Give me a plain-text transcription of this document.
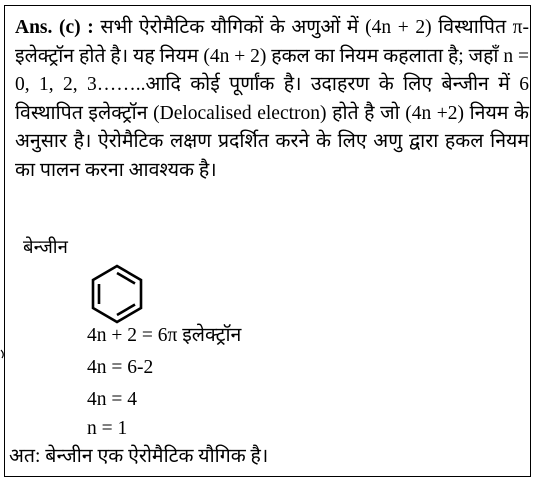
Ans. (c) : सभी ऐरोमैटिक यौगिकों के अणुओं में (4n + 2) विस्थापित π- इलेक्ट्रॉन होते है। यह नियम (4n + 2) हकल का नियम कहलाता है; जहाँ n = 0, 1, 2, 3……..आदि कोई पूर्णांक है। उदाहरण के लिए बेन्जीन में 6 विस्थापित इलेक्ट्रॉन (Delocalised electron) होते है जो (4n +2) नियम के अनुसार है। ऐरोमैटिक लक्षण प्रदर्शित करने के लिए अणु द्वारा हकल नियम का पालन करना आवश्यक है।
बेन्जीन
4n + 2 = 6π इलेक्ट्रॉन
4n = 6-2
4n = 4
n = 1
अत: बेन्जीन एक ऐरोमैटिक यौगिक है।
